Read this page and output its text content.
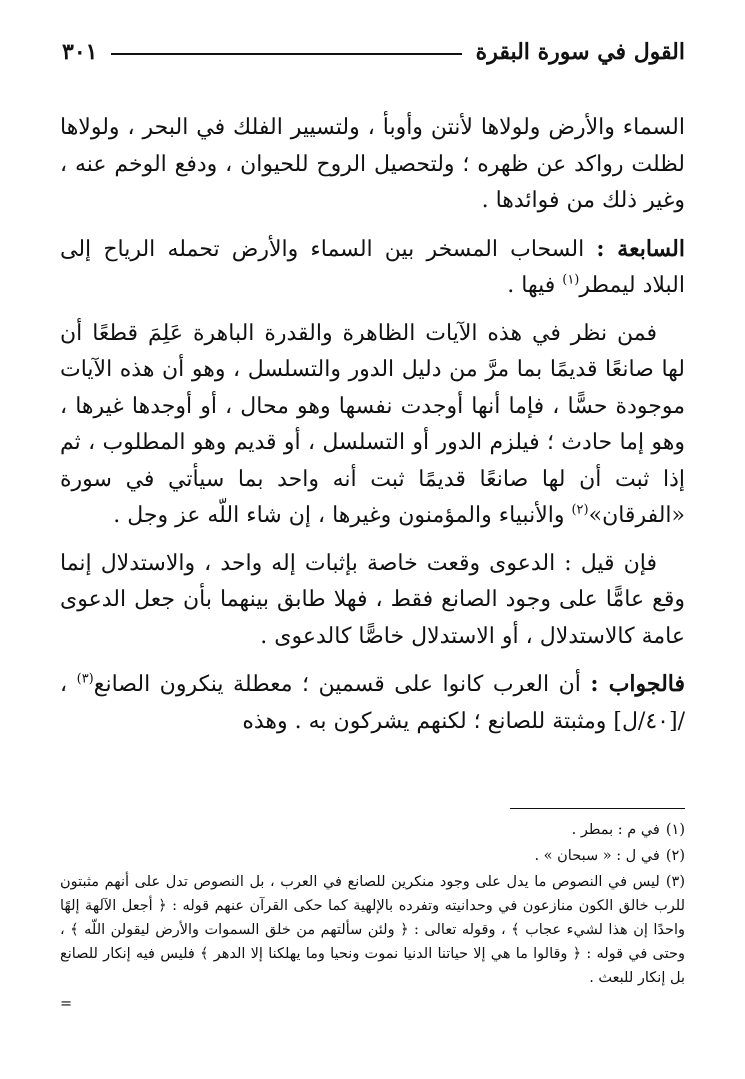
القول في سورة البقرة
٣٠١

السماء والأرض ولولاها لأنتن وأوبأ ، ولتسيير الفلك في البحر ، ولولاها لظلت رواكد عن ظهره ؛ ولتحصيل الروح للحيوان ، ودفع الوخم عنه ، وغير ذلك من فوائدها .

السابعة : السحاب المسخر بين السماء والأرض تحمله الرياح إلى البلاد ليمطر$^{(١)}$ فيها .

فمن نظر في هذه الآيات الظاهرة والقدرة الباهرة عَلِمَ قطعًا أن لها صانعًا قديمًا بما مرَّ من دليل الدور والتسلسل ، وهو أن هذه الآيات موجودة حسًّا ، فإما أنها أوجدت نفسها وهو محال ، أو أوجدها غيرها ، وهو إما حادث ؛ فيلزم الدور أو التسلسل ، أو قديم وهو المطلوب ، ثم إذا ثبت أن لها صانعًا قديمًا ثبت أنه واحد بما سيأتي في سورة «الفرقان»$^{(٢)}$ والأنبياء والمؤمنون وغيرها ، إن شاء اللّه عز وجل .

فإن قيل : الدعوى وقعت خاصة بإثبات إله واحد ، والاستدلال إنما وقع عامًّا على وجود الصانع فقط ، فهلا طابق بينهما بأن جعل الدعوى عامة كالاستدلال ، أو الاستدلال خاصًّا كالدعوى .

فالجواب : أن العرب كانوا على قسمين ؛ معطلة ينكرون الصانع$^{(٣)}$ ، /[٤٠/ل] ومثبتة للصانع ؛ لكنهم يشركون به . وهذه

(١)في م : بمطر .

(٢)في ل : « سبحان » .

(٣)ليس في النصوص ما يدل على وجود منكرين للصانع في العرب ، بل النصوص تدل على أنهم مثبتون للرب خالق الكون منازعون في وحدانيته وتفرده بالإلهية كما حكى القرآن عنهم قوله : ﴿ أجعل الآلهة إلهًا واحدًا إن هذا لشيء عجاب ﴾ ، وقوله تعالى : ﴿ ولئن سألتهم من خلق السموات والأرض ليقولن اللّه ﴾ ، وحتى في قوله : ﴿ وقالوا ما هي إلا حياتنا الدنيا نموت ونحيا وما يهلكنا إلا الدهر ﴾ فليس فيه إنكار للصانع بل إنكار للبعث .

=
